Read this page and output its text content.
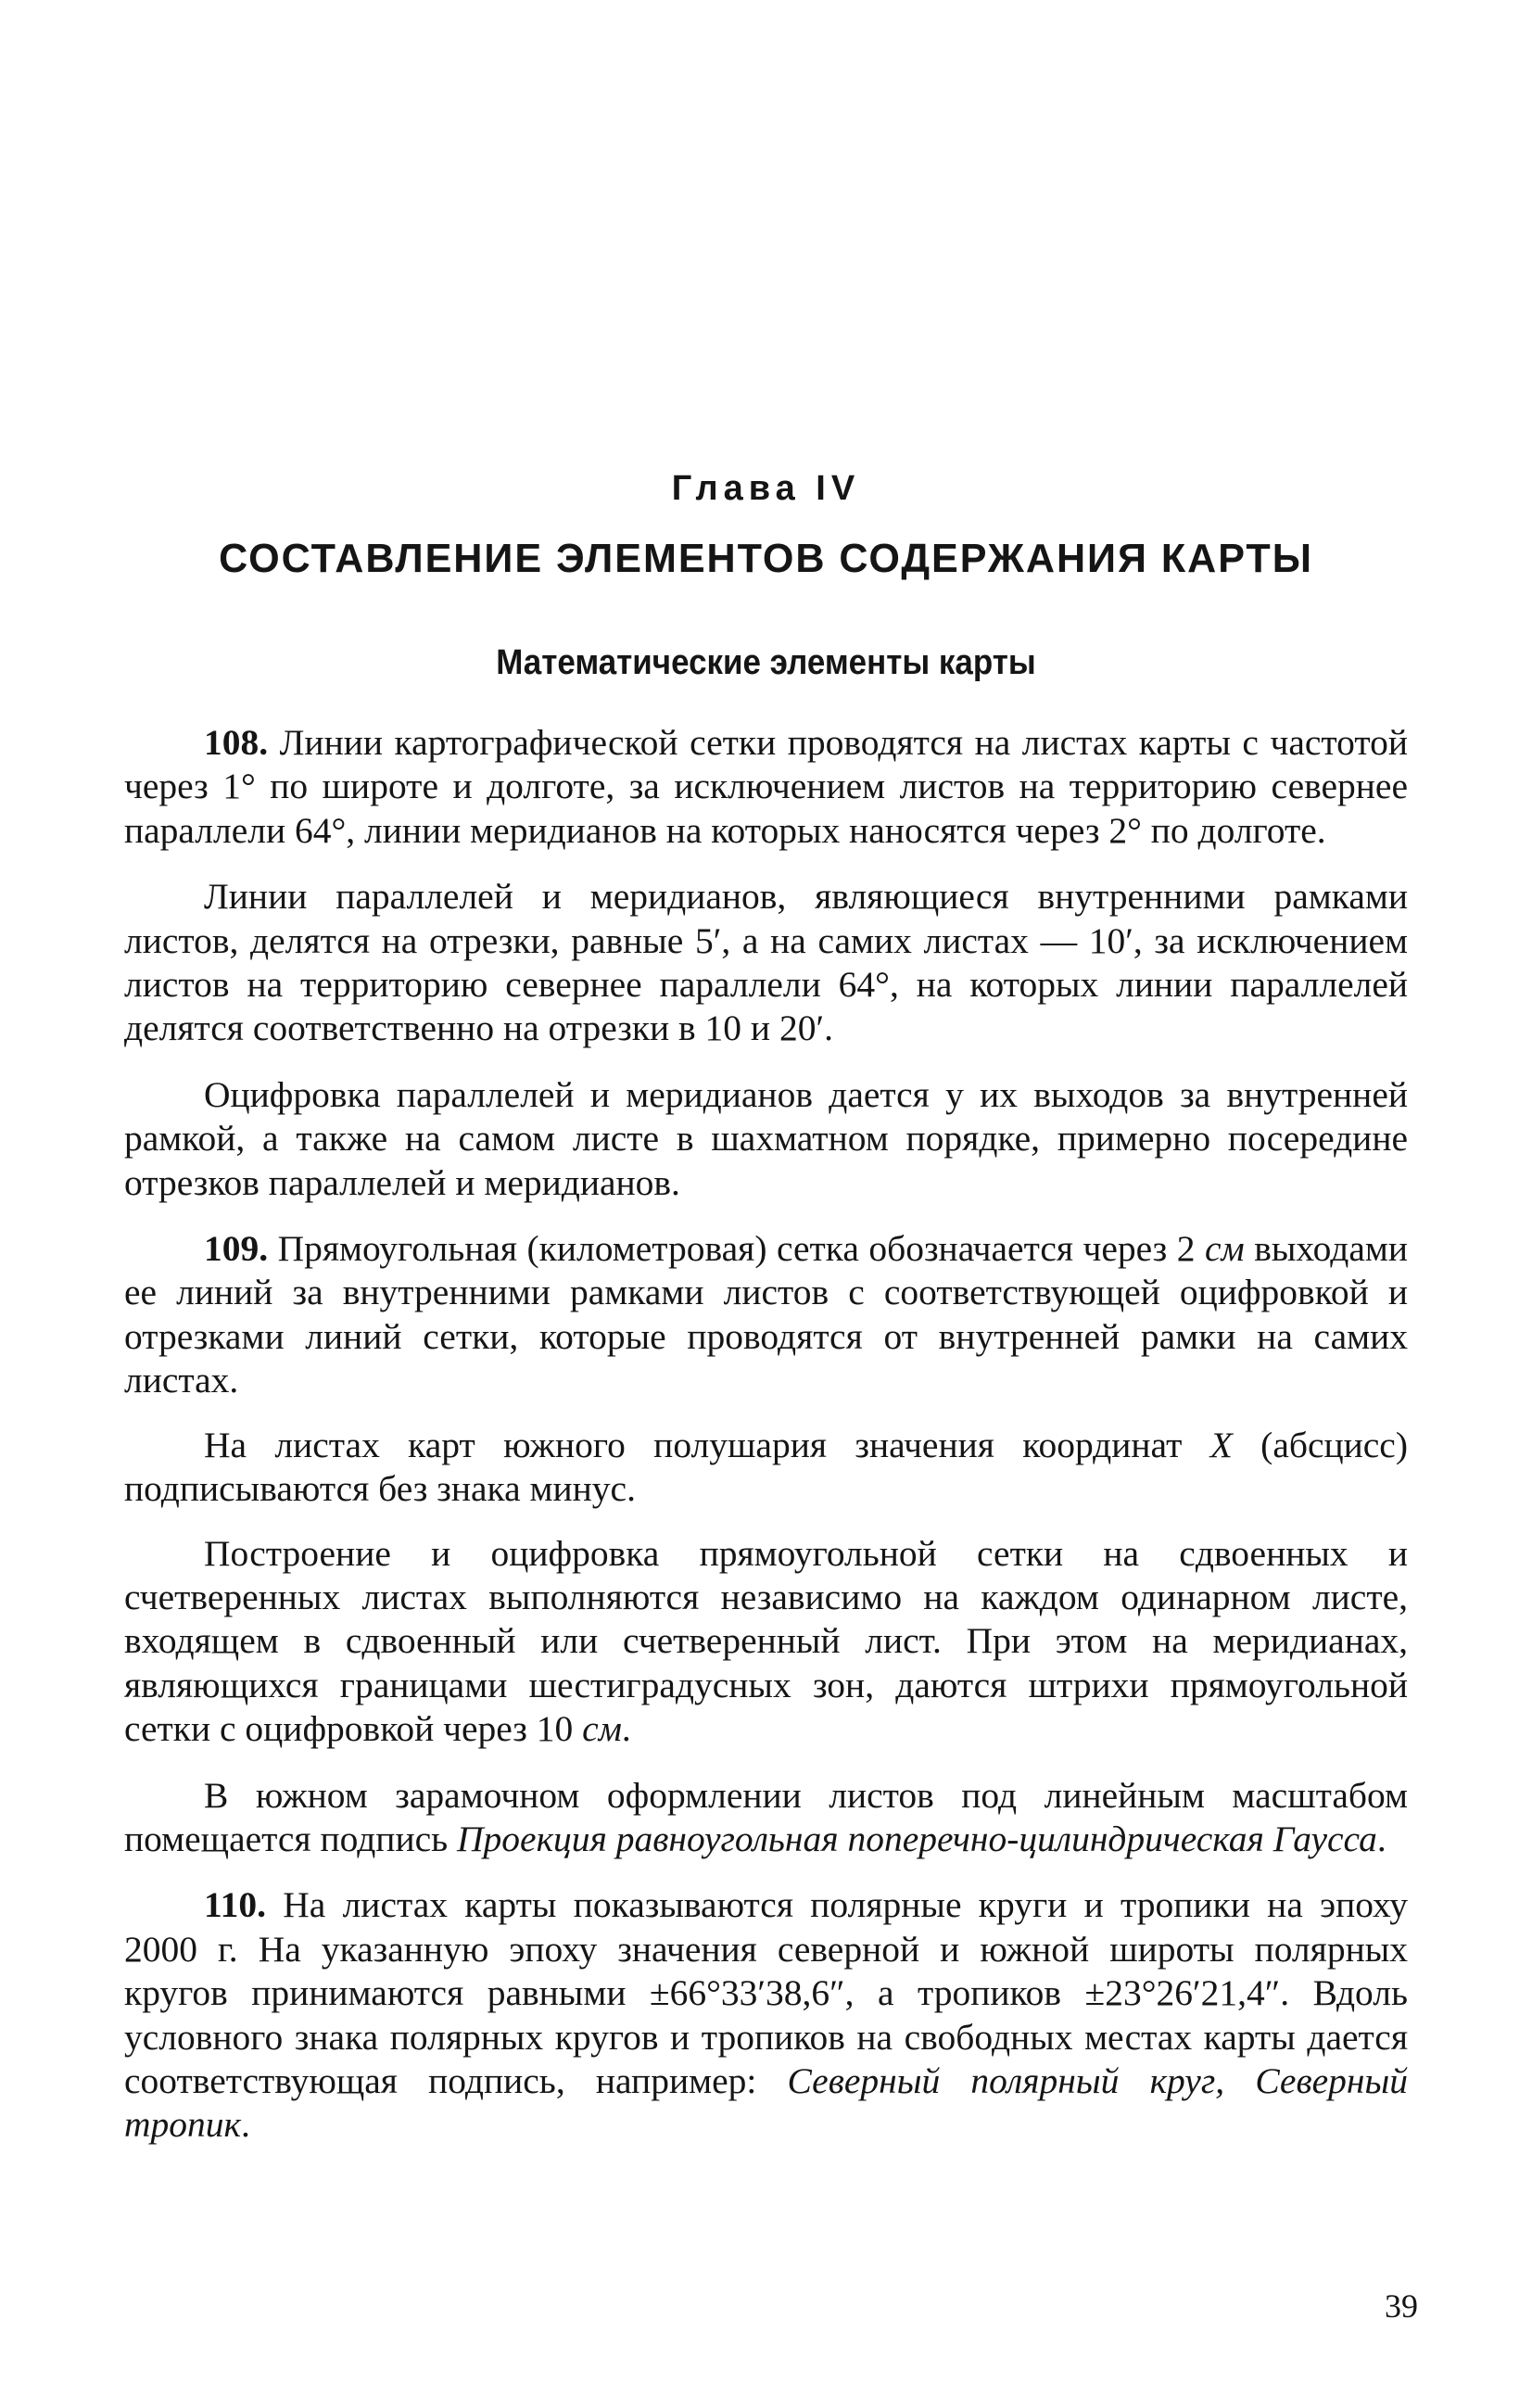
Глава IV
СОСТАВЛЕНИЕ ЭЛЕМЕНТОВ СОДЕРЖАНИЯ КАРТЫ
Математические элементы карты

108. Линии картографической сетки проводятся на листах карты с частотой через 1° по широте и долготе, за исключением листов на территорию севернее параллели 64°, линии меридианов на которых наносятся через 2° по долготе.

Линии параллелей и меридианов, являющиеся внутренними рамками листов, делятся на отрезки, равные 5′, а на самих листах — 10′, за исключением листов на территорию севернее параллели 64°, на которых линии параллелей делятся соответственно на отрезки в 10 и 20′.

Оцифровка параллелей и меридианов дается у их выходов за внутренней рамкой, а также на самом листе в шахматном порядке, примерно посередине отрезков параллелей и меридианов.

109. Прямоугольная (километровая) сетка обозначается через 2 см выходами ее линий за внутренними рамками листов с соответствующей оцифровкой и отрезками линий сетки, которые проводятся от внутренней рамки на самих листах.

На листах карт южного полушария значения координат X (абсцисс) подписываются без знака минус.

Построение и оцифровка прямоугольной сетки на сдвоенных и счетверенных листах выполняются независимо на каждом одинарном листе, входящем в сдвоенный или счетверенный лист. При этом на меридианах, являющихся границами шестиградусных зон, даются штрихи прямоугольной сетки с оцифровкой через 10 см.

В южном зарамочном оформлении листов под линейным масштабом помещается подпись Проекция равноугольная поперечно-цилиндрическая Гаусса.

110. На листах карты показываются полярные круги и тропики на эпоху 2000 г. На указанную эпоху значения северной и южной широты полярных кругов принимаются равными ±66°33′38,6″, а тропиков ±23°26′21,4″. Вдоль условного знака полярных кругов и тропиков на свободных местах карты дается соответствующая подпись, например: Северный полярный круг, Северный тропик.

39
